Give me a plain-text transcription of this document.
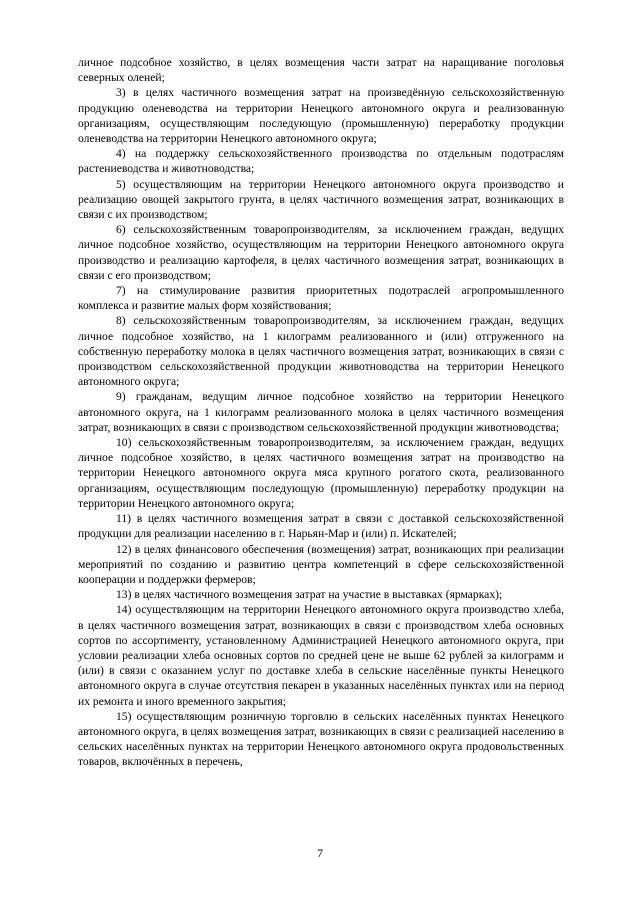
личное подсобное хозяйство, в целях возмещения части затрат на наращивание поголовья северных оленей;

3) в целях частичного возмещения затрат на произведённую сельскохозяйственную продукцию оленеводства на территории Ненецкого автономного округа и реализованную организациям, осуществляющим последующую (промышленную) переработку продукции оленеводства на территории Ненецкого автономного округа;

4) на поддержку сельскохозяйственного производства по отдельным подотраслям растениеводства и животноводства;

5) осуществляющим на территории Ненецкого автономного округа производство и реализацию овощей закрытого грунта, в целях частичного возмещения затрат, возникающих в связи с их производством;

6) сельскохозяйственным товаропроизводителям, за исключением граждан, ведущих личное подсобное хозяйство, осуществляющим на территории Ненецкого автономного округа производство и реализацию картофеля, в целях частичного возмещения затрат, возникающих в связи с его производством;

7) на стимулирование развития приоритетных подотраслей агропромышленного комплекса и развитие малых форм хозяйствования;

8) сельскохозяйственным товаропроизводителям, за исключением граждан, ведущих личное подсобное хозяйство, на 1 килограмм реализованного и (или) отгруженного на собственную переработку молока в целях частичного возмещения затрат, возникающих в связи с производством сельскохозяйственной продукции животноводства на территории Ненецкого автономного округа;

9) гражданам, ведущим личное подсобное хозяйство на территории Ненецкого автономного округа, на 1 килограмм реализованного молока в целях частичного возмещения затрат, возникающих в связи с производством сельскохозяйственной продукции животноводства;

10) сельскохозяйственным товаропроизводителям, за исключением граждан, ведущих личное подсобное хозяйство, в целях частичного возмещения затрат на производство на территории Ненецкого автономного округа мяса крупного рогатого скота, реализованного организациям, осуществляющим последующую (промышленную) переработку продукции на территории Ненецкого автономного округа;

11) в целях частичного возмещения затрат в связи с доставкой сельскохозяйственной продукции для реализации населению в г. Нарьян-Мар и (или) п. Искателей;

12) в целях финансового обеспечения (возмещения) затрат, возникающих при реализации мероприятий по созданию и развитию центра компетенций в сфере сельскохозяйственной кооперации и поддержки фермеров;

13) в целях частичного возмещения затрат на участие в выставках (ярмарках);

14) осуществляющим на территории Ненецкого автономного округа производство хлеба, в целях частичного возмещения затрат, возникающих в связи с производством хлеба основных сортов по ассортименту, установленному Администрацией Ненецкого автономного округа, при условии реализации хлеба основных сортов по средней цене не выше 62 рублей за килограмм и (или) в связи с оказанием услуг по доставке хлеба в сельские населённые пункты Ненецкого автономного округа в случае отсутствия пекарен в указанных населённых пунктах или на период их ремонта и иного временного закрытия;

15) осуществляющим розничную торговлю в сельских населённых пунктах Ненецкого автономного округа, в целях возмещения затрат, возникающих в связи с реализацией населению в сельских населённых пунктах на территории Ненецкого автономного округа продовольственных товаров, включённых в перечень,

7
